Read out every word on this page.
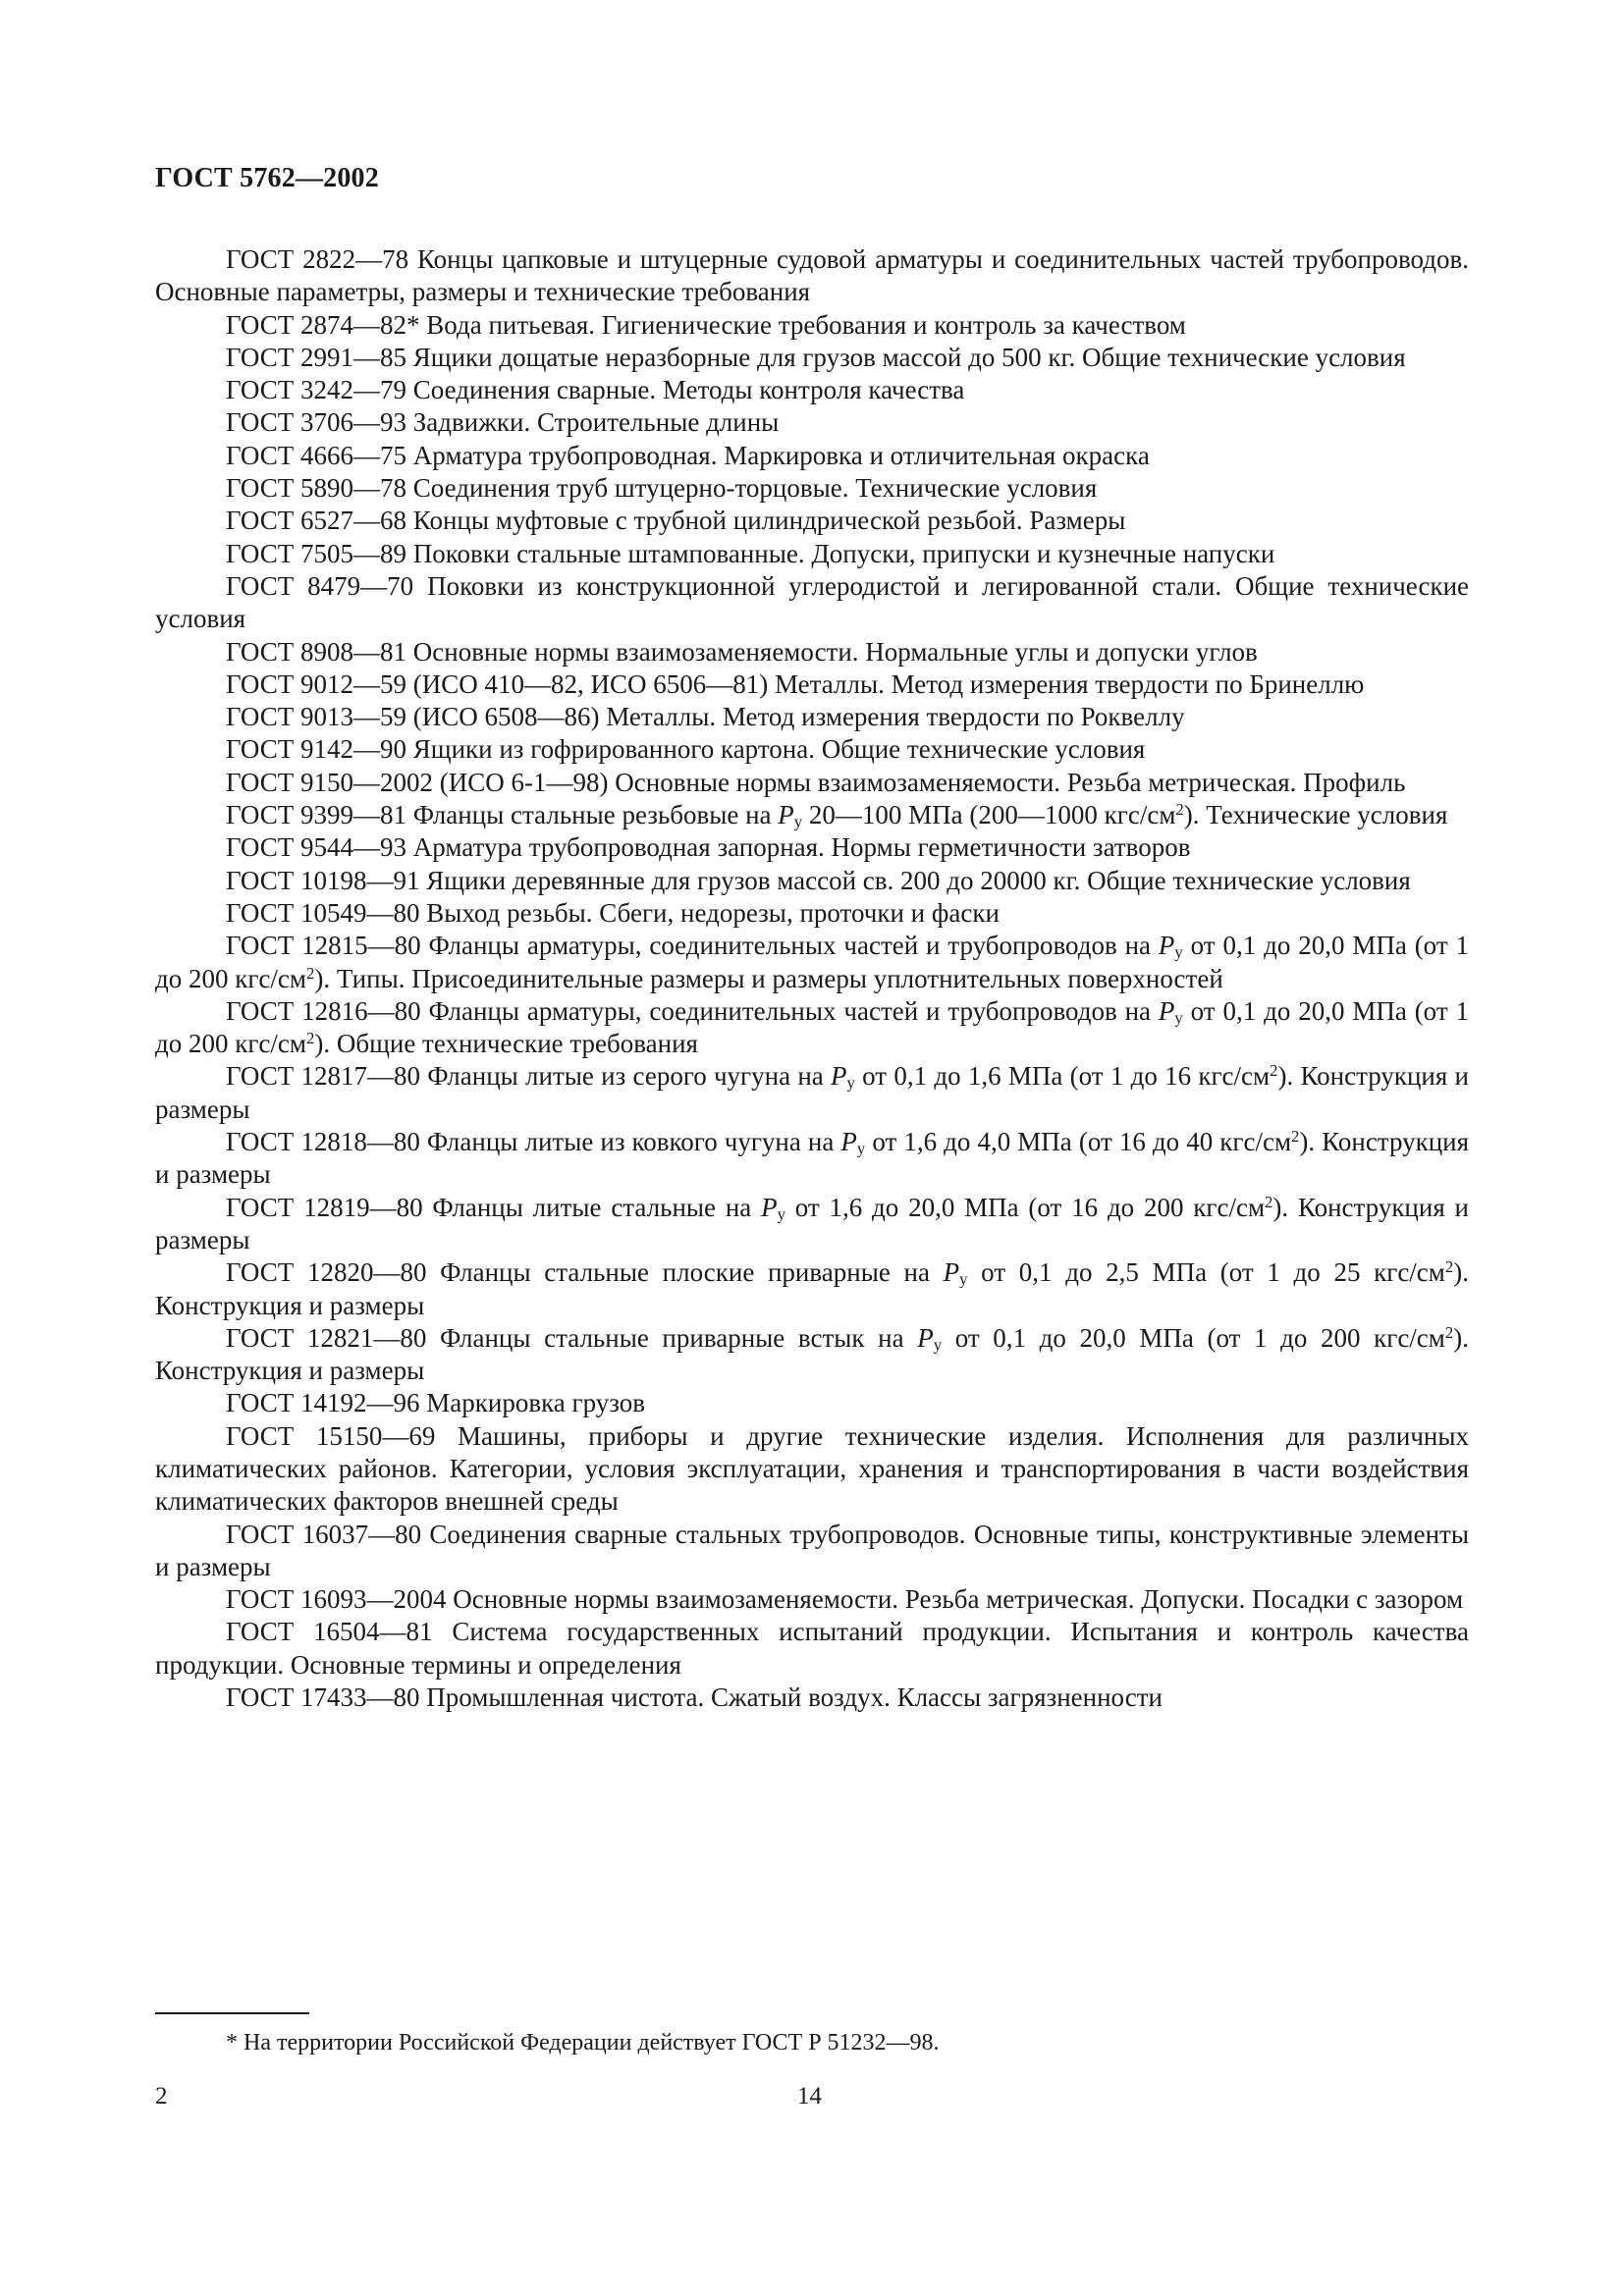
ГОСТ 5762—2002

ГОСТ 2822—78 Концы цапковые и штуцерные судовой арматуры и соединительных частей трубопроводов. Основные параметры, размеры и технические требования

ГОСТ 2874—82* Вода питьевая. Гигиенические требования и контроль за качеством

ГОСТ 2991—85 Ящики дощатые неразборные для грузов массой до 500 кг. Общие технические условия

ГОСТ 3242—79 Соединения сварные. Методы контроля качества

ГОСТ 3706—93 Задвижки. Строительные длины

ГОСТ 4666—75 Арматура трубопроводная. Маркировка и отличительная окраска

ГОСТ 5890—78 Соединения труб штуцерно-торцовые. Технические условия

ГОСТ 6527—68 Концы муфтовые с трубной цилиндрической резьбой. Размеры

ГОСТ 7505—89 Поковки стальные штампованные. Допуски, припуски и кузнечные напуски

ГОСТ 8479—70 Поковки из конструкционной углеродистой и легированной стали. Общие технические условия

ГОСТ 8908—81 Основные нормы взаимозаменяемости. Нормальные углы и допуски углов

ГОСТ 9012—59 (ИСО 410—82, ИСО 6506—81) Металлы. Метод измерения твердости по Бринеллю

ГОСТ 9013—59 (ИСО 6508—86) Металлы. Метод измерения твердости по Роквеллу

ГОСТ 9142—90 Ящики из гофрированного картона. Общие технические условия

ГОСТ 9150—2002 (ИСО 6-1—98) Основные нормы взаимозаменяемости. Резьба метрическая. Профиль

ГОСТ 9399—81 Фланцы стальные резьбовые на $P_у$ 20—100 МПа (200—1000 кгс/$см^2$). Технические условия

ГОСТ 9544—93 Арматура трубопроводная запорная. Нормы герметичности затворов

ГОСТ 10198—91 Ящики деревянные для грузов массой св. 200 до 20000 кг. Общие технические условия

ГОСТ 10549—80 Выход резьбы. Сбеги, недорезы, проточки и фаски

ГОСТ 12815—80 Фланцы арматуры, соединительных частей и трубопроводов на $P_у$ от 0,1 до 20,0 МПа (от 1 до 200 кгс/$см^2$). Типы. Присоединительные размеры и размеры уплотнительных поверхностей

ГОСТ 12816—80 Фланцы арматуры, соединительных частей и трубопроводов на $P_у$ от 0,1 до 20,0 МПа (от 1 до 200 кгс/$см^2$). Общие технические требования

ГОСТ 12817—80 Фланцы литые из серого чугуна на $P_у$ от 0,1 до 1,6 МПа (от 1 до 16 кгс/$см^2$). Конструкция и размеры

ГОСТ 12818—80 Фланцы литые из ковкого чугуна на $P_у$ от 1,6 до 4,0 МПа (от 16 до 40 кгс/$см^2$). Конструкция и размеры

ГОСТ 12819—80 Фланцы литые стальные на $P_у$ от 1,6 до 20,0 МПа (от 16 до 200 кгс/$см^2$). Конструкция и размеры

ГОСТ 12820—80 Фланцы стальные плоские приварные на $P_у$ от 0,1 до 2,5 МПа (от 1 до 25 кгс/$см^2$). Конструкция и размеры

ГОСТ 12821—80 Фланцы стальные приварные встык на $P_у$ от 0,1 до 20,0 МПа (от 1 до 200 кгс/$см^2$). Конструкция и размеры

ГОСТ 14192—96 Маркировка грузов

ГОСТ 15150—69 Машины, приборы и другие технические изделия. Исполнения для различных климатических районов. Категории, условия эксплуатации, хранения и транспортирования в части воздействия климатических факторов внешней среды

ГОСТ 16037—80 Соединения сварные стальных трубопроводов. Основные типы, конструктивные элементы и размеры

ГОСТ 16093—2004 Основные нормы взаимозаменяемости. Резьба метрическая. Допуски. Посадки с зазором

ГОСТ 16504—81 Система государственных испытаний продукции. Испытания и контроль качества продукции. Основные термины и определения

ГОСТ 17433—80 Промышленная чистота. Сжатый воздух. Классы загрязненности

* На территории Российской Федерации действует ГОСТ Р 51232—98.
2	14
